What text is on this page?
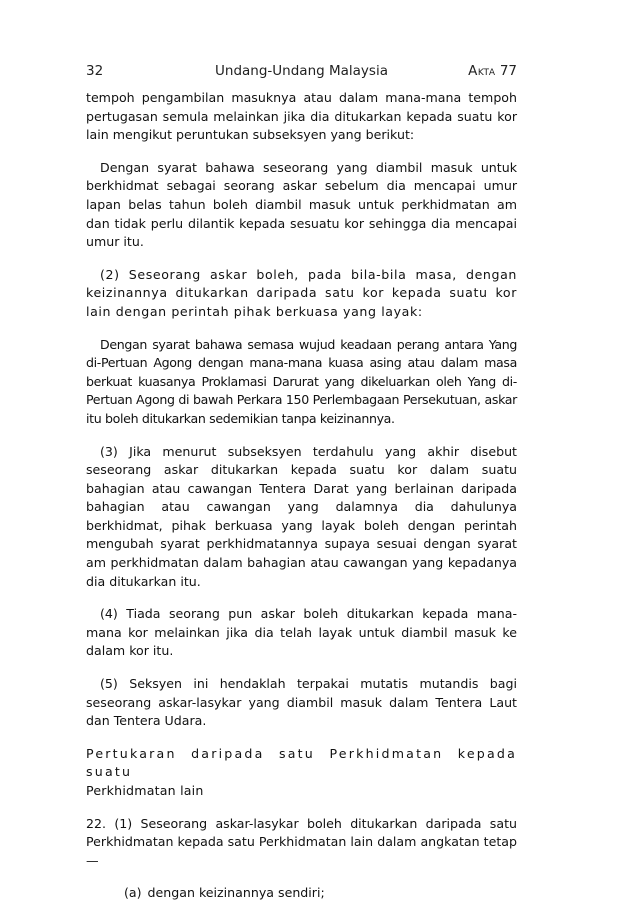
32	Undang-Undang Malaysia	Akta 77

tempoh pengambilan masuknya atau dalam mana-mana tempoh pertugasan semula melainkan jika dia ditukarkan kepada suatu kor lain mengikut peruntukan subseksyen yang berikut:

Dengan syarat bahawa seseorang yang diambil masuk untuk berkhidmat sebagai seorang askar sebelum dia mencapai umur lapan belas tahun boleh diambil masuk untuk perkhidmatan am dan tidak perlu dilantik kepada sesuatu kor sehingga dia mencapai umur itu.

(2) Seseorang askar boleh, pada bila-bila masa, dengan keizinannya ditukarkan daripada satu kor kepada suatu kor lain dengan perintah pihak berkuasa yang layak:

Dengan syarat bahawa semasa wujud keadaan perang antara Yang di-Pertuan Agong dengan mana-mana kuasa asing atau dalam masa berkuat kuasanya Proklamasi Darurat yang dikeluarkan oleh Yang di-Pertuan Agong di bawah Perkara 150 Perlembagaan Persekutuan, askar itu boleh ditukarkan sedemikian tanpa keizinannya.

(3) Jika menurut subseksyen terdahulu yang akhir disebut seseorang askar ditukarkan kepada suatu kor dalam suatu bahagian atau cawangan Tentera Darat yang berlainan daripada bahagian atau cawangan yang dalamnya dia dahulunya berkhidmat, pihak berkuasa yang layak boleh dengan perintah mengubah syarat perkhidmatannya supaya sesuai dengan syarat am perkhidmatan dalam bahagian atau cawangan yang kepadanya dia ditukarkan itu.

(4) Tiada seorang pun askar boleh ditukarkan kepada mana-mana kor melainkan jika dia telah layak untuk diambil masuk ke dalam kor itu.

(5) Seksyen ini hendaklah terpakai mutatis mutandis bagi seseorang askar-lasykar yang diambil masuk dalam Tentera Laut dan Tentera Udara.

Pertukaran daripada satu Perkhidmatan kepada suatu
Perkhidmatan lain

22. (1) Seseorang askar-lasykar boleh ditukarkan daripada satu Perkhidmatan kepada satu Perkhidmatan lain dalam angkatan tetap—

(a) dengan keizinannya sendiri;
